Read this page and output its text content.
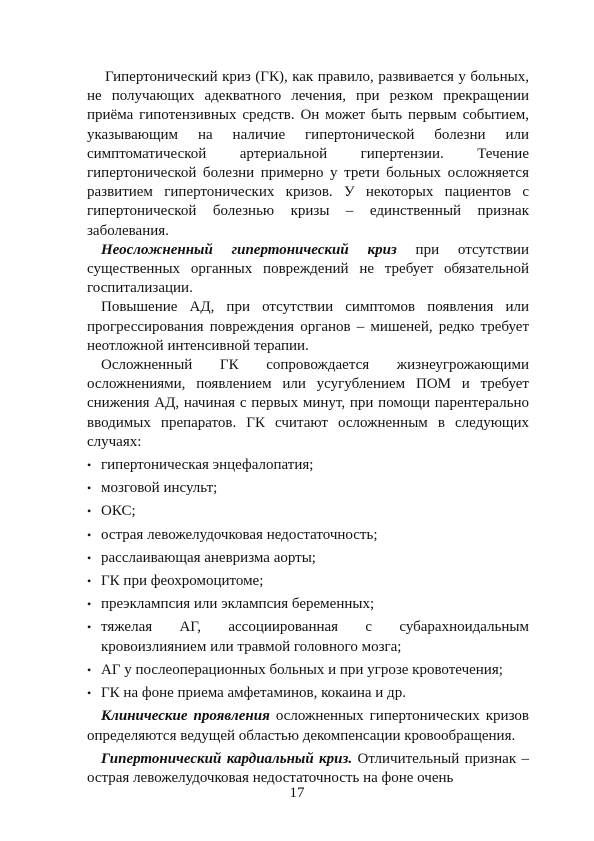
Гипертонический криз (ГК), как правило, развивается у больных, не получающих адекватного лечения, при резком прекращении приёма гипотензивных средств. Он может быть первым событием, указывающим на наличие гипертонической болезни или симптоматической артериальной гипертензии. Течение гипертонической болезни примерно у трети больных осложняется развитием гипертонических кризов. У некоторых пациентов с гипертонической болезнью кризы – единственный признак заболевания.

Неосложненный гипертонический криз при отсутствии существенных органных повреждений не требует обязательной госпитализации.

Повышение АД, при отсутствии симптомов появления или прогрессирования повреждения органов – мишеней, редко требует неотложной интенсивной терапии.

Осложненный ГК сопровождается жизнеугрожающими осложнениями, появлением или усугублением ПОМ и требует снижения АД, начиная с первых минут, при помощи парентерально вводимых препаратов. ГК считают осложненным в следующих случаях:

• гипертоническая энцефалопатия;
• мозговой инсульт;
• ОКС;
• острая левожелудочковая недостаточность;
• расслаивающая аневризма аорты;
• ГК при феохромоцитоме;
• преэклампсия или эклампсия беременных;
• тяжелая АГ, ассоциированная с субарахноидальным кровоизлиянием или травмой головного мозга;
• АГ у послеоперационных больных и при угрозе кровотечения;
• ГК на фоне приема амфетаминов, кокаина и др.

Клинические проявления осложненных гипертонических кризов определяются ведущей областью декомпенсации кровообращения.

Гипертонический кардиальный криз. Отличительный признак – острая левожелудочковая недостаточность на фоне очень

17
